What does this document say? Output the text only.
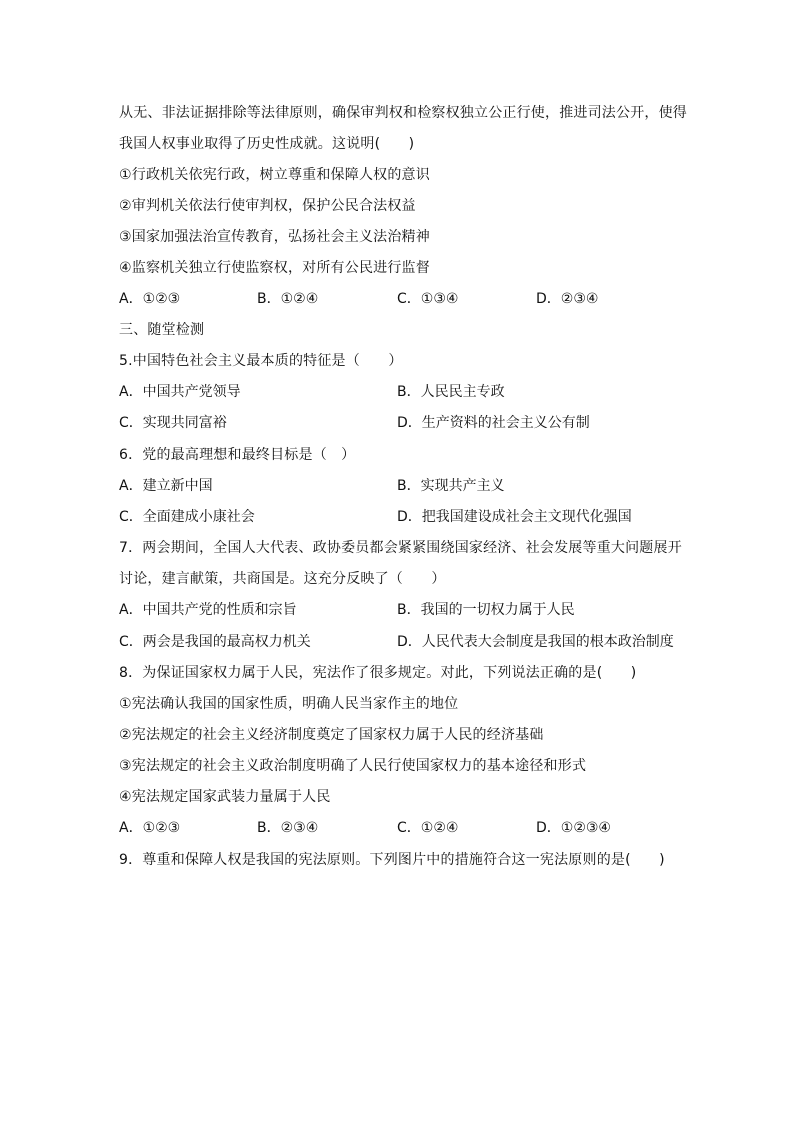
从无、非法证据排除等法律原则，确保审判权和检察权独立公正行使，推进司法公开，使得
我国人权事业取得了历史性成就。这说明(　　)
①行政机关依宪行政，树立尊重和保障人权的意识
②审判机关依法行使审判权，保护公民合法权益
③国家加强法治宣传教育，弘扬社会主义法治精神
④监察机关独立行使监察权，对所有公民进行监督
A．①②③	B．①②④	C．①③④	D．②③④
三、随堂检测
5.中国特色社会主义最本质的特征是（　　）
A．中国共产党领导	B．人民民主专政
C．实现共同富裕	D．生产资料的社会主义公有制
6．党的最高理想和最终目标是（　）
A．建立新中国	B．实现共产主义
C．全面建成小康社会	D．把我国建设成社会主文现代化强国
7．两会期间，全国人大代表、政协委员都会紧紧围绕国家经济、社会发展等重大问题展开
讨论，建言献策，共商国是。这充分反映了（　　）
A．中国共产党的性质和宗旨	B．我国的一切权力属于人民
C．两会是我国的最高权力机关	D．人民代表大会制度是我国的根本政治制度
8．为保证国家权力属于人民，宪法作了很多规定。对此，下列说法正确的是(　　)
①宪法确认我国的国家性质，明确人民当家作主的地位
②宪法规定的社会主义经济制度奠定了国家权力属于人民的经济基础
③宪法规定的社会主义政治制度明确了人民行使国家权力的基本途径和形式
④宪法规定国家武装力量属于人民
A．①②③	B．②③④	C．①②④	D．①②③④
9．尊重和保障人权是我国的宪法原则。下列图片中的措施符合这一宪法原则的是(　　)
